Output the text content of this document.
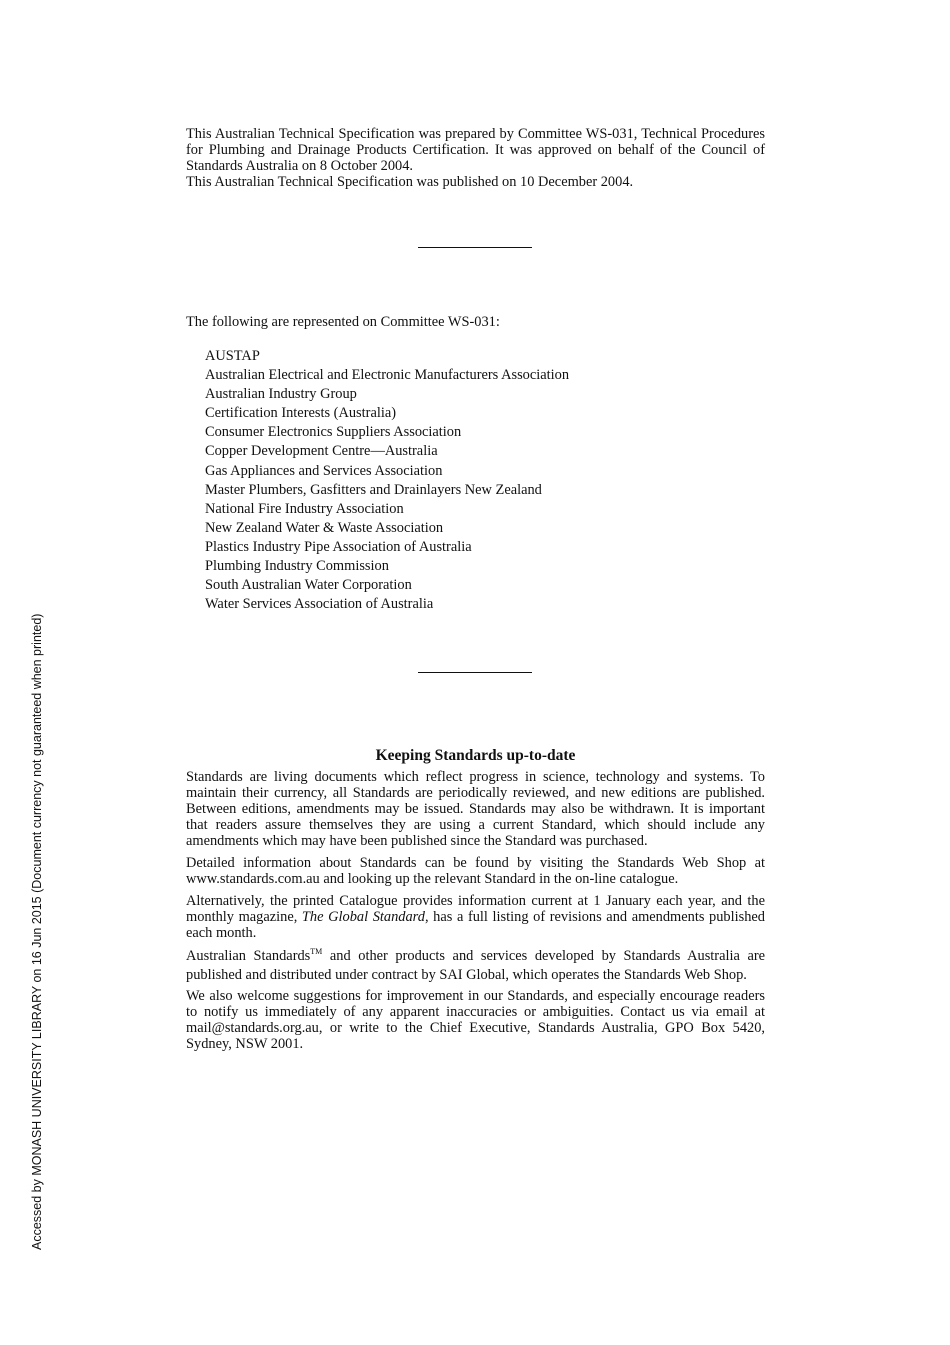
Accessed by MONASH UNIVERSITY LIBRARY on 16 Jun 2015 (Document currency not guaranteed when printed)

This Australian Technical Specification was prepared by Committee WS-031, Technical Procedures for Plumbing and Drainage Products Certification. It was approved on behalf of the Council of Standards Australia on 8 October 2004.

This Australian Technical Specification was published on 10 December 2004.

The following are represented on Committee WS-031:

AUSTAP
Australian Electrical and Electronic Manufacturers Association
Australian Industry Group
Certification Interests (Australia)
Consumer Electronics Suppliers Association
Copper Development Centre—Australia
Gas Appliances and Services Association
Master Plumbers, Gasfitters and Drainlayers New Zealand
National Fire Industry Association
New Zealand Water & Waste Association
Plastics Industry Pipe Association of Australia
Plumbing Industry Commission
South Australian Water Corporation
Water Services Association of Australia
Keeping Standards up-to-date

Standards are living documents which reflect progress in science, technology and systems. To maintain their currency, all Standards are periodically reviewed, and new editions are published. Between editions, amendments may be issued. Standards may also be withdrawn. It is important that readers assure themselves they are using a current Standard, which should include any amendments which may have been published since the Standard was purchased.

Detailed information about Standards can be found by visiting the Standards Web Shop at www.standards.com.au and looking up the relevant Standard in the on-line catalogue.

Alternatively, the printed Catalogue provides information current at 1 January each year, and the monthly magazine, The Global Standard, has a full listing of revisions and amendments published each month.

Australian Standards™ and other products and services developed by Standards Australia are published and distributed under contract by SAI Global, which operates the Standards Web Shop.

We also welcome suggestions for improvement in our Standards, and especially encourage readers to notify us immediately of any apparent inaccuracies or ambiguities. Contact us via email at mail@standards.org.au, or write to the Chief Executive, Standards Australia, GPO Box 5420, Sydney, NSW 2001.
